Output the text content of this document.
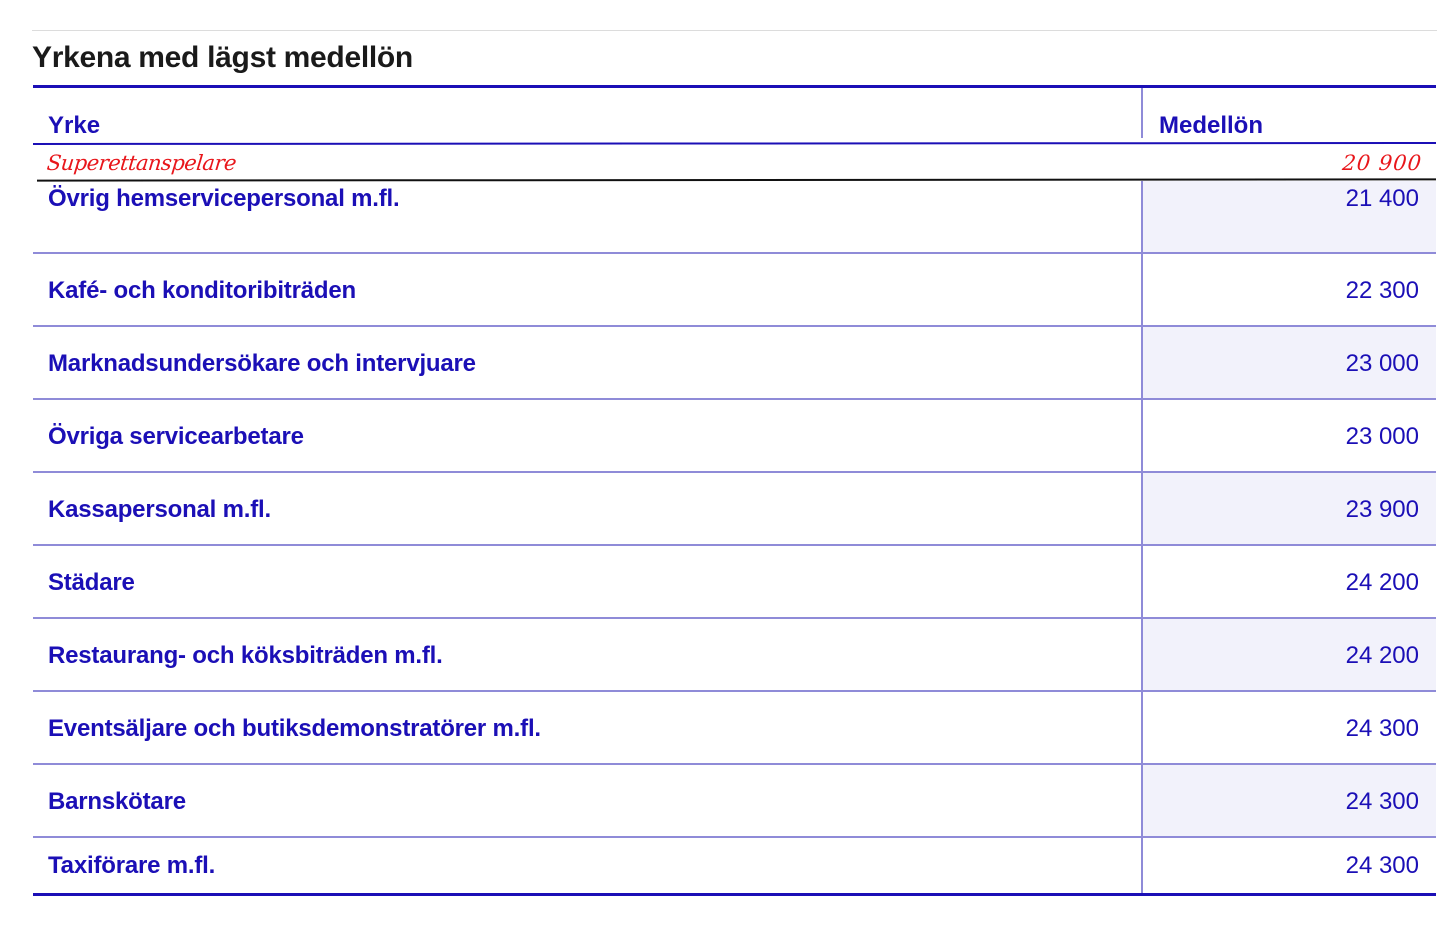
Yrkena med lägst medellön
Yrke	Medellön
Superettanspelare	20 900
Övrig hemservicepersonal m.fl.	21 400
Kafé- och konditoribiträden	22 300
Marknadsundersökare och intervjuare	23 000
Övriga servicearbetare	23 000
Kassapersonal m.fl.	23 900
Städare	24 200
Restaurang- och köksbiträden m.fl.	24 200
Eventsäljare och butiksdemonstratörer m.fl.	24 300
Barnskötare	24 300
Taxiförare m.fl.	24 300
